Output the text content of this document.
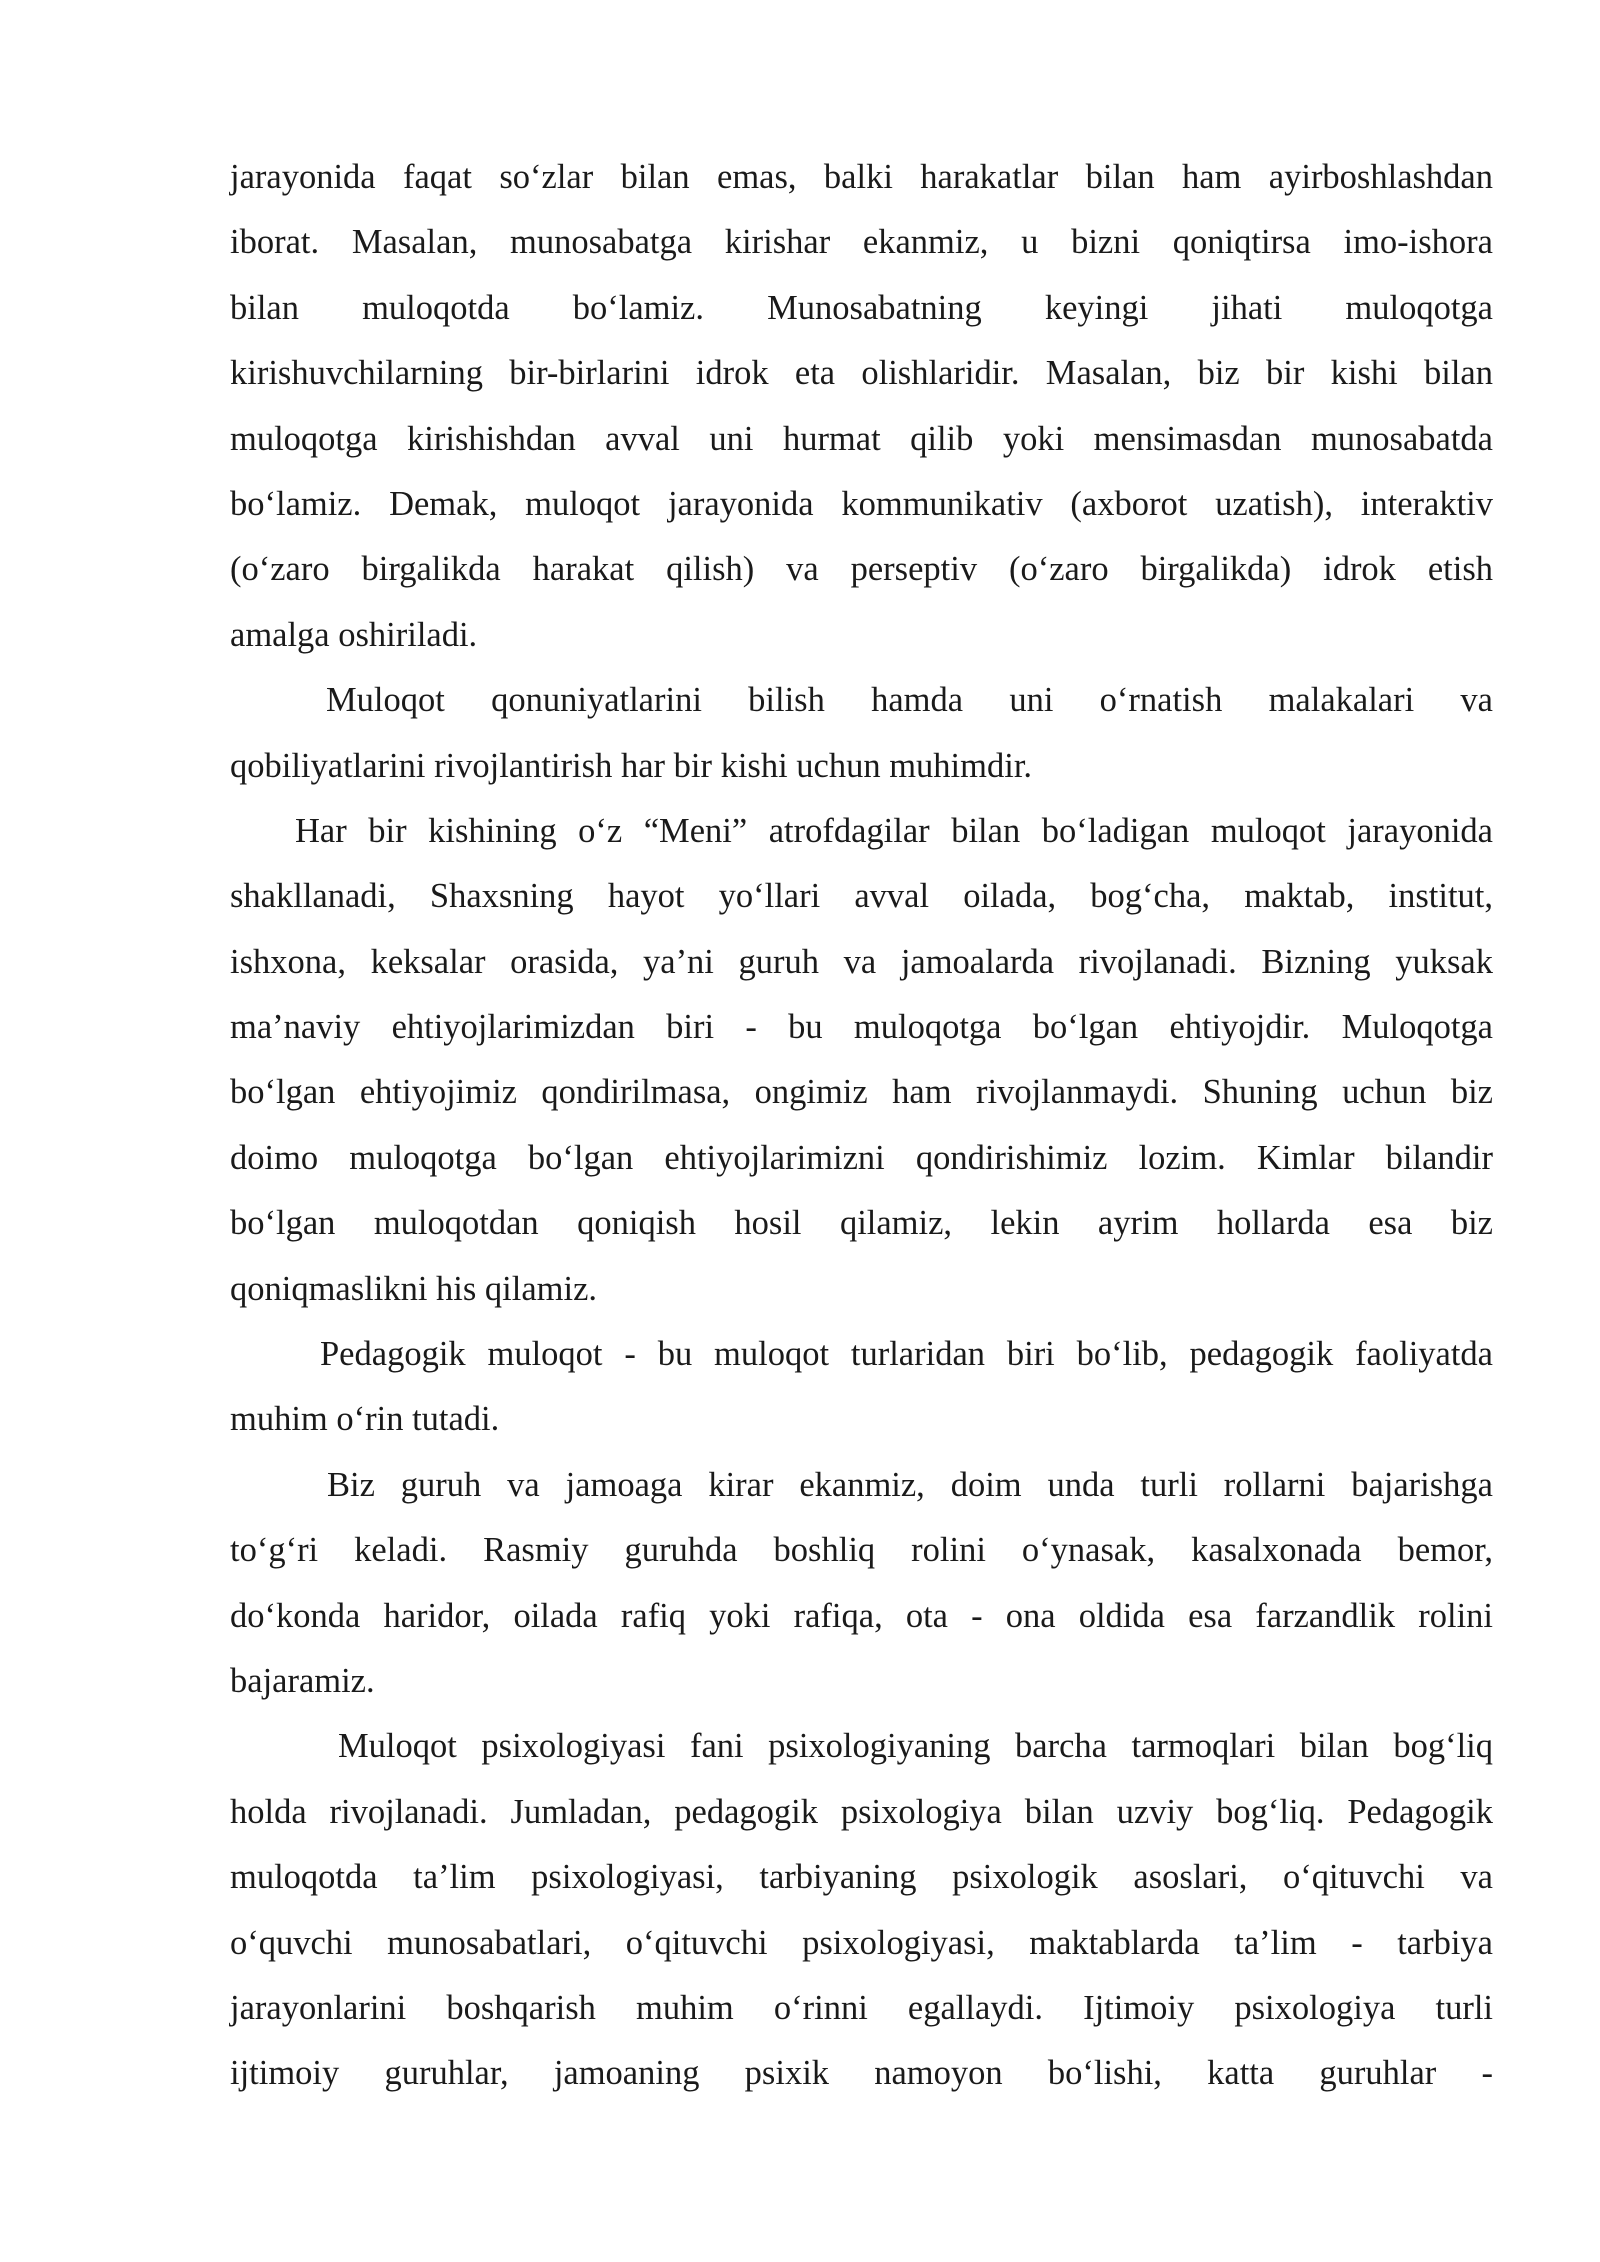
jarayonida faqat so‘zlar bilan emas, balki harakatlar bilan ham ayirboshlashdan
iborat. Masalan, munosabatga kirishar ekanmiz, u bizni qoniqtirsa imo-ishora
bilan muloqotda bo‘lamiz. Munosabatning keyingi jihati muloqotga
kirishuvchilarning bir-birlarini idrok eta olishlaridir. Masalan, biz bir kishi bilan
muloqotga kirishishdan avval uni hurmat qilib yoki mensimasdan munosabatda
bo‘lamiz. Demak, muloqot jarayonida kommunikativ (axborot uzatish), interaktiv
(o‘zaro birgalikda harakat qilish) va perseptiv (o‘zaro birgalikda) idrok etish
amalga oshiriladi.
Muloqot qonuniyatlarini bilish hamda uni o‘rnatish malakalari va
qobiliyatlarini rivojlantirish har bir kishi uchun muhimdir.
Har bir kishining o‘z “Meni” atrofdagilar bilan bo‘ladigan muloqot jarayonida
shakllanadi, Shaxsning hayot yo‘llari avval oilada, bog‘cha, maktab, institut,
ishxona, keksalar orasida, ya’ni guruh va jamoalarda rivojlanadi. Bizning yuksak
ma’naviy ehtiyojlarimizdan biri - bu muloqotga bo‘lgan ehtiyojdir. Muloqotga
bo‘lgan ehtiyojimiz qondirilmasa, ongimiz ham rivojlanmaydi. Shuning uchun biz
doimo muloqotga bo‘lgan ehtiyojlarimizni qondirishimiz lozim. Kimlar bilandir
bo‘lgan muloqotdan qoniqish hosil qilamiz, lekin ayrim hollarda esa biz
qoniqmaslikni his qilamiz.
Pedagogik muloqot - bu muloqot turlaridan biri bo‘lib, pedagogik faoliyatda
muhim o‘rin tutadi.
Biz guruh va jamoaga kirar ekanmiz, doim unda turli rollarni bajarishga
to‘g‘ri keladi. Rasmiy guruhda boshliq rolini o‘ynasak, kasalxonada bemor,
do‘konda haridor, oilada rafiq yoki rafiqa, ota - ona oldida esa farzandlik rolini
bajaramiz.
Muloqot psixologiyasi fani psixologiyaning barcha tarmoqlari bilan bog‘liq
holda rivojlanadi. Jumladan, pedagogik psixologiya bilan uzviy bog‘liq. Pedagogik
muloqotda ta’lim psixologiyasi, tarbiyaning psixologik asoslari, o‘qituvchi va
o‘quvchi munosabatlari, o‘qituvchi psixologiyasi, maktablarda ta’lim - tarbiya
jarayonlarini boshqarish muhim o‘rinni egallaydi. Ijtimoiy psixologiya turli
ijtimoiy guruhlar, jamoaning psixik namoyon bo‘lishi, katta guruhlar -
